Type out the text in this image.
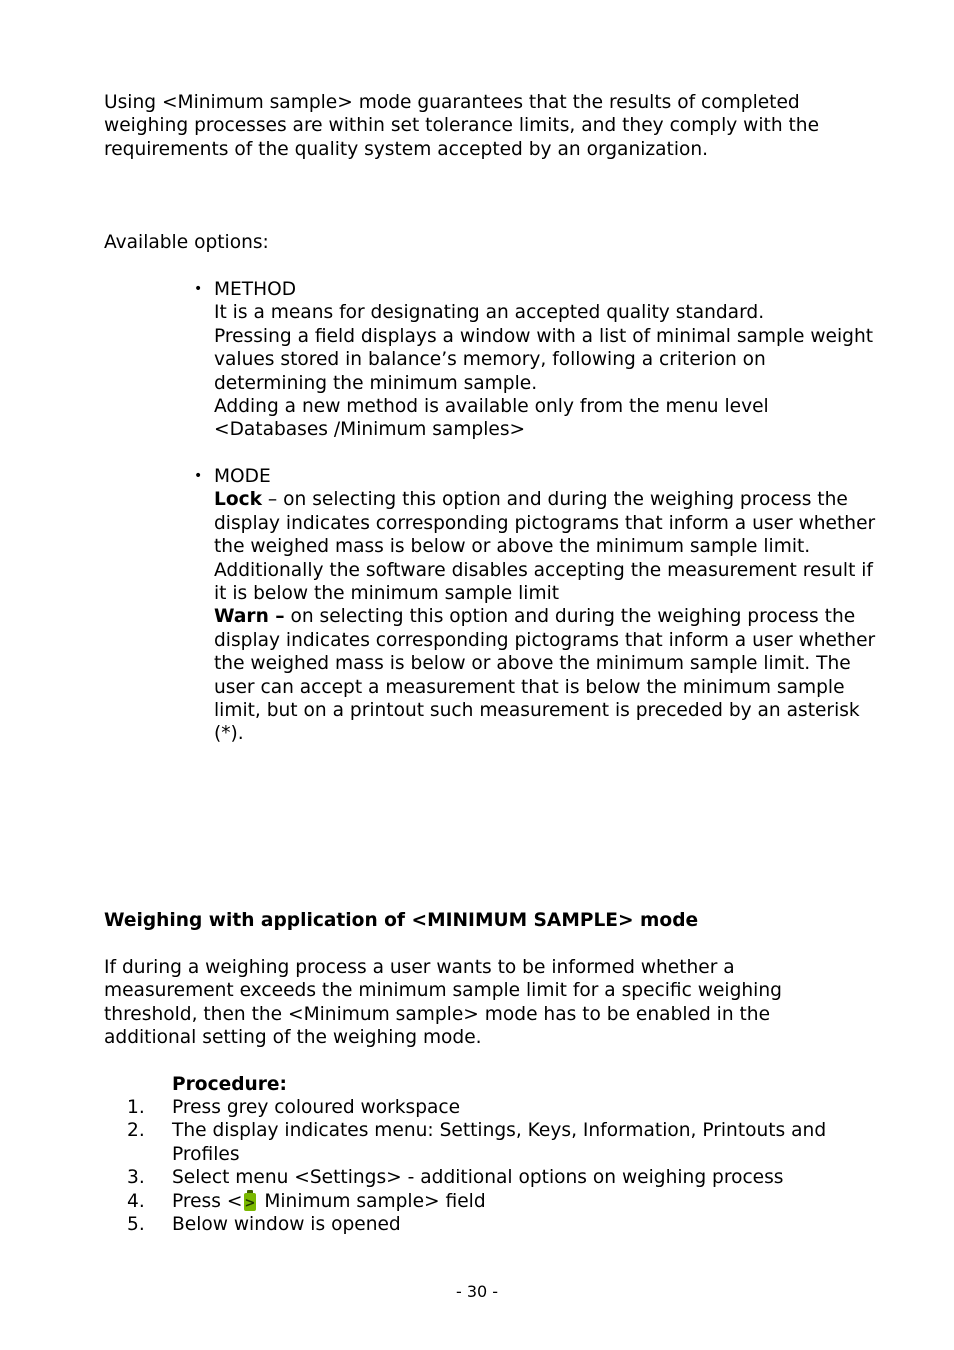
Using <Minimum sample> mode guarantees that the results of completed weighing processes are within set tolerance limits, and they comply with the requirements of the quality system accepted by an organization.

Available options:

• METHOD
It is a means for designating an accepted quality standard.
Pressing a field displays a window with a list of minimal sample weight values stored in balance’s memory, following a criterion on determining the minimum sample.
Adding a new method is available only from the menu level <Databases /Minimum samples>
• MODE
Lock – on selecting this option and during the weighing process the display indicates corresponding pictograms that inform a user whether the weighed mass is below or above the minimum sample limit. Additionally the software disables accepting the measurement result if it is below the minimum sample limit
Warn – on selecting this option and during the weighing process the display indicates corresponding pictograms that inform a user whether the weighed mass is below or above the minimum sample limit. The user can accept a measurement that is below the minimum sample limit, but on a printout such measurement is preceded by an asterisk (*).

Weighing with application of <MINIMUM SAMPLE> mode

If during a weighing process a user wants to be informed whether a measurement exceeds the minimum sample limit for a specific weighing threshold, then the <Minimum sample> mode has to be enabled in the additional setting of the weighing mode.

Procedure:

1.	Press grey coloured workspace
2.	The display indicates menu: Settings, Keys, Information, Printouts and Profiles
3.	Select menu <Settings> - additional options on weighing process
4.	Press < > Minimum sample> field
5.	Below window is opened

- 30 -
